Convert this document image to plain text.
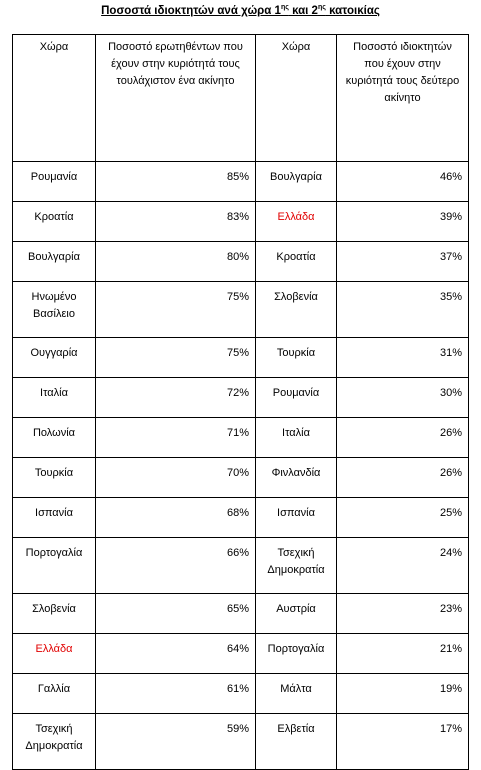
Ποσοστά ιδιοκτητών ανά χώρα $1^{\eta\varsigma}$ και $2^{\eta\varsigma}$ κατοικίας
Χώρα	Ποσοστό ερωτηθέντων που έχουν στην κυριότητά τους τουλάχιστον ένα ακίνητο	Χώρα	Ποσοστό ιδιοκτητών που έχουν στην κυριότητά τους δεύτερο ακίνητο
Ρουμανία	85%	Βουλγαρία	46%
Κροατία	83%	Ελλάδα	39%
Βουλγαρία	80%	Κροατία	37%
Ηνωμένο Βασίλειο	75%	Σλοβενία	35%
Ουγγαρία	75%	Τουρκία	31%
Ιταλία	72%	Ρουμανία	30%
Πολωνία	71%	Ιταλία	26%
Τουρκία	70%	Φινλανδία	26%
Ισπανία	68%	Ισπανία	25%
Πορτογαλία	66%	Τσεχική Δημοκρατία	24%
Σλοβενία	65%	Αυστρία	23%
Ελλάδα	64%	Πορτογαλία	21%
Γαλλία	61%	Μάλτα	19%
Τσεχική Δημοκρατία	59%	Ελβετία	17%
